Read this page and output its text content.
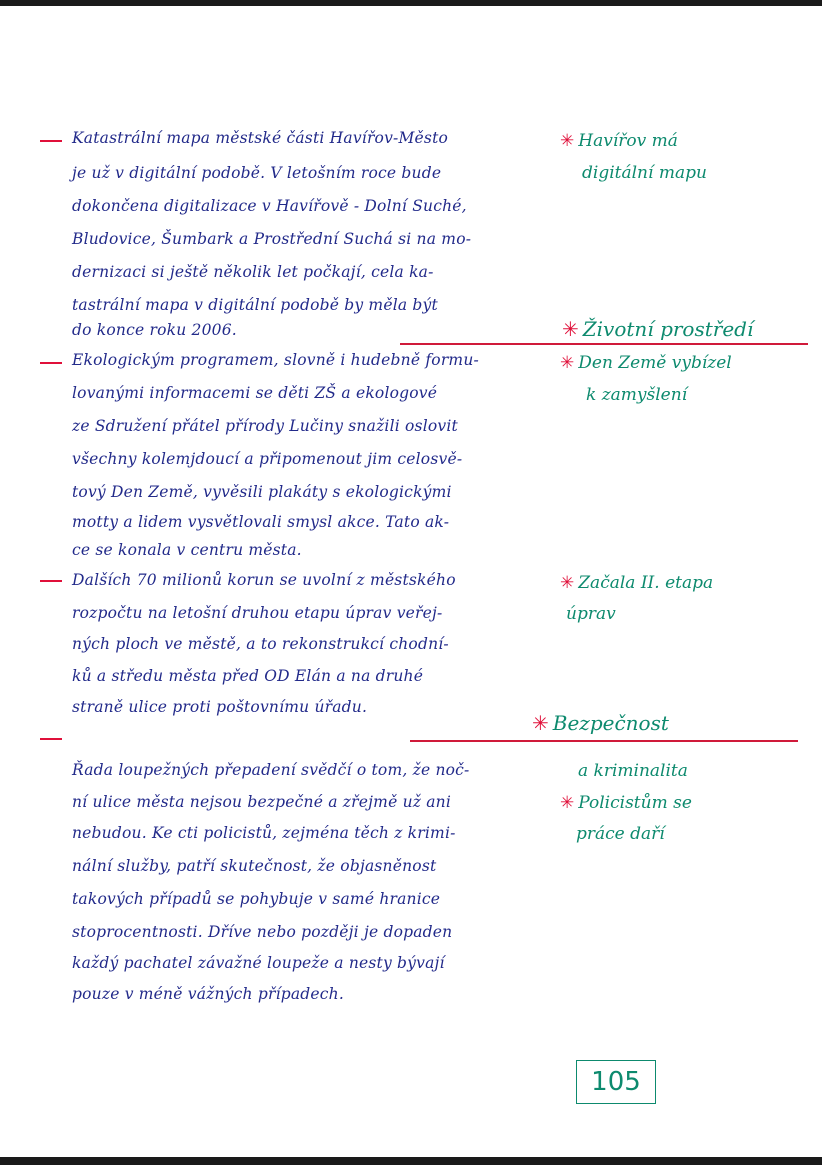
Katastrální mapa městské části Havířov-Město
je už v digitální podobě. V letošním roce bude
dokončena digitalizace v Havířově - Dolní Suché,
Bludovice, Šumbark a Prostřední Suchá si na mo-
dernizaci si ještě několik let počkají, cela ka-
tastrální mapa v digitální podobě by měla být
do konce roku 2006.
Ekologickým programem, slovně i hudebně formu-
lovanými informacemi se děti ZŠ a ekologové
ze Sdružení přátel přírody Lučiny snažili oslovit
všechny kolemjdoucí a připomenout jim celosvě-
tový Den Země, vyvěsili plakáty s ekologickými
motty a lidem vysvětlovali smysl akce. Tato ak-
ce se konala v centru města.
Dalších 70 milionů korun se uvolní z městského
rozpočtu na letošní druhou etapu úprav veřej-
ných ploch ve městě, a to rekonstrukcí chodní-
ků a středu města před OD Elán a na druhé
straně ulice proti poštovnímu úřadu.
Řada loupežných přepadení svědčí o tom, že noč-
ní ulice města nejsou bezpečné a zřejmě už ani
nebudou. Ke cti policistů, zejména těch z krimi-
nální služby, patří skutečnost, že objasněnost
takových případů se pohybuje v samé hranice
stoprocentnosti. Dříve nebo později je dopaden
každý pachatel závažné loupeže a nesty bývají
pouze v méně vážných případech.
✳ Havířov má
digitální mapu
✳ Životní prostředí
✳ Den Země vybízel
k zamyšlení
✳ Začala II. etapa
úprav
✳ Bezpečnost
a kriminalita
✳ Policistům se
práce daří
105
